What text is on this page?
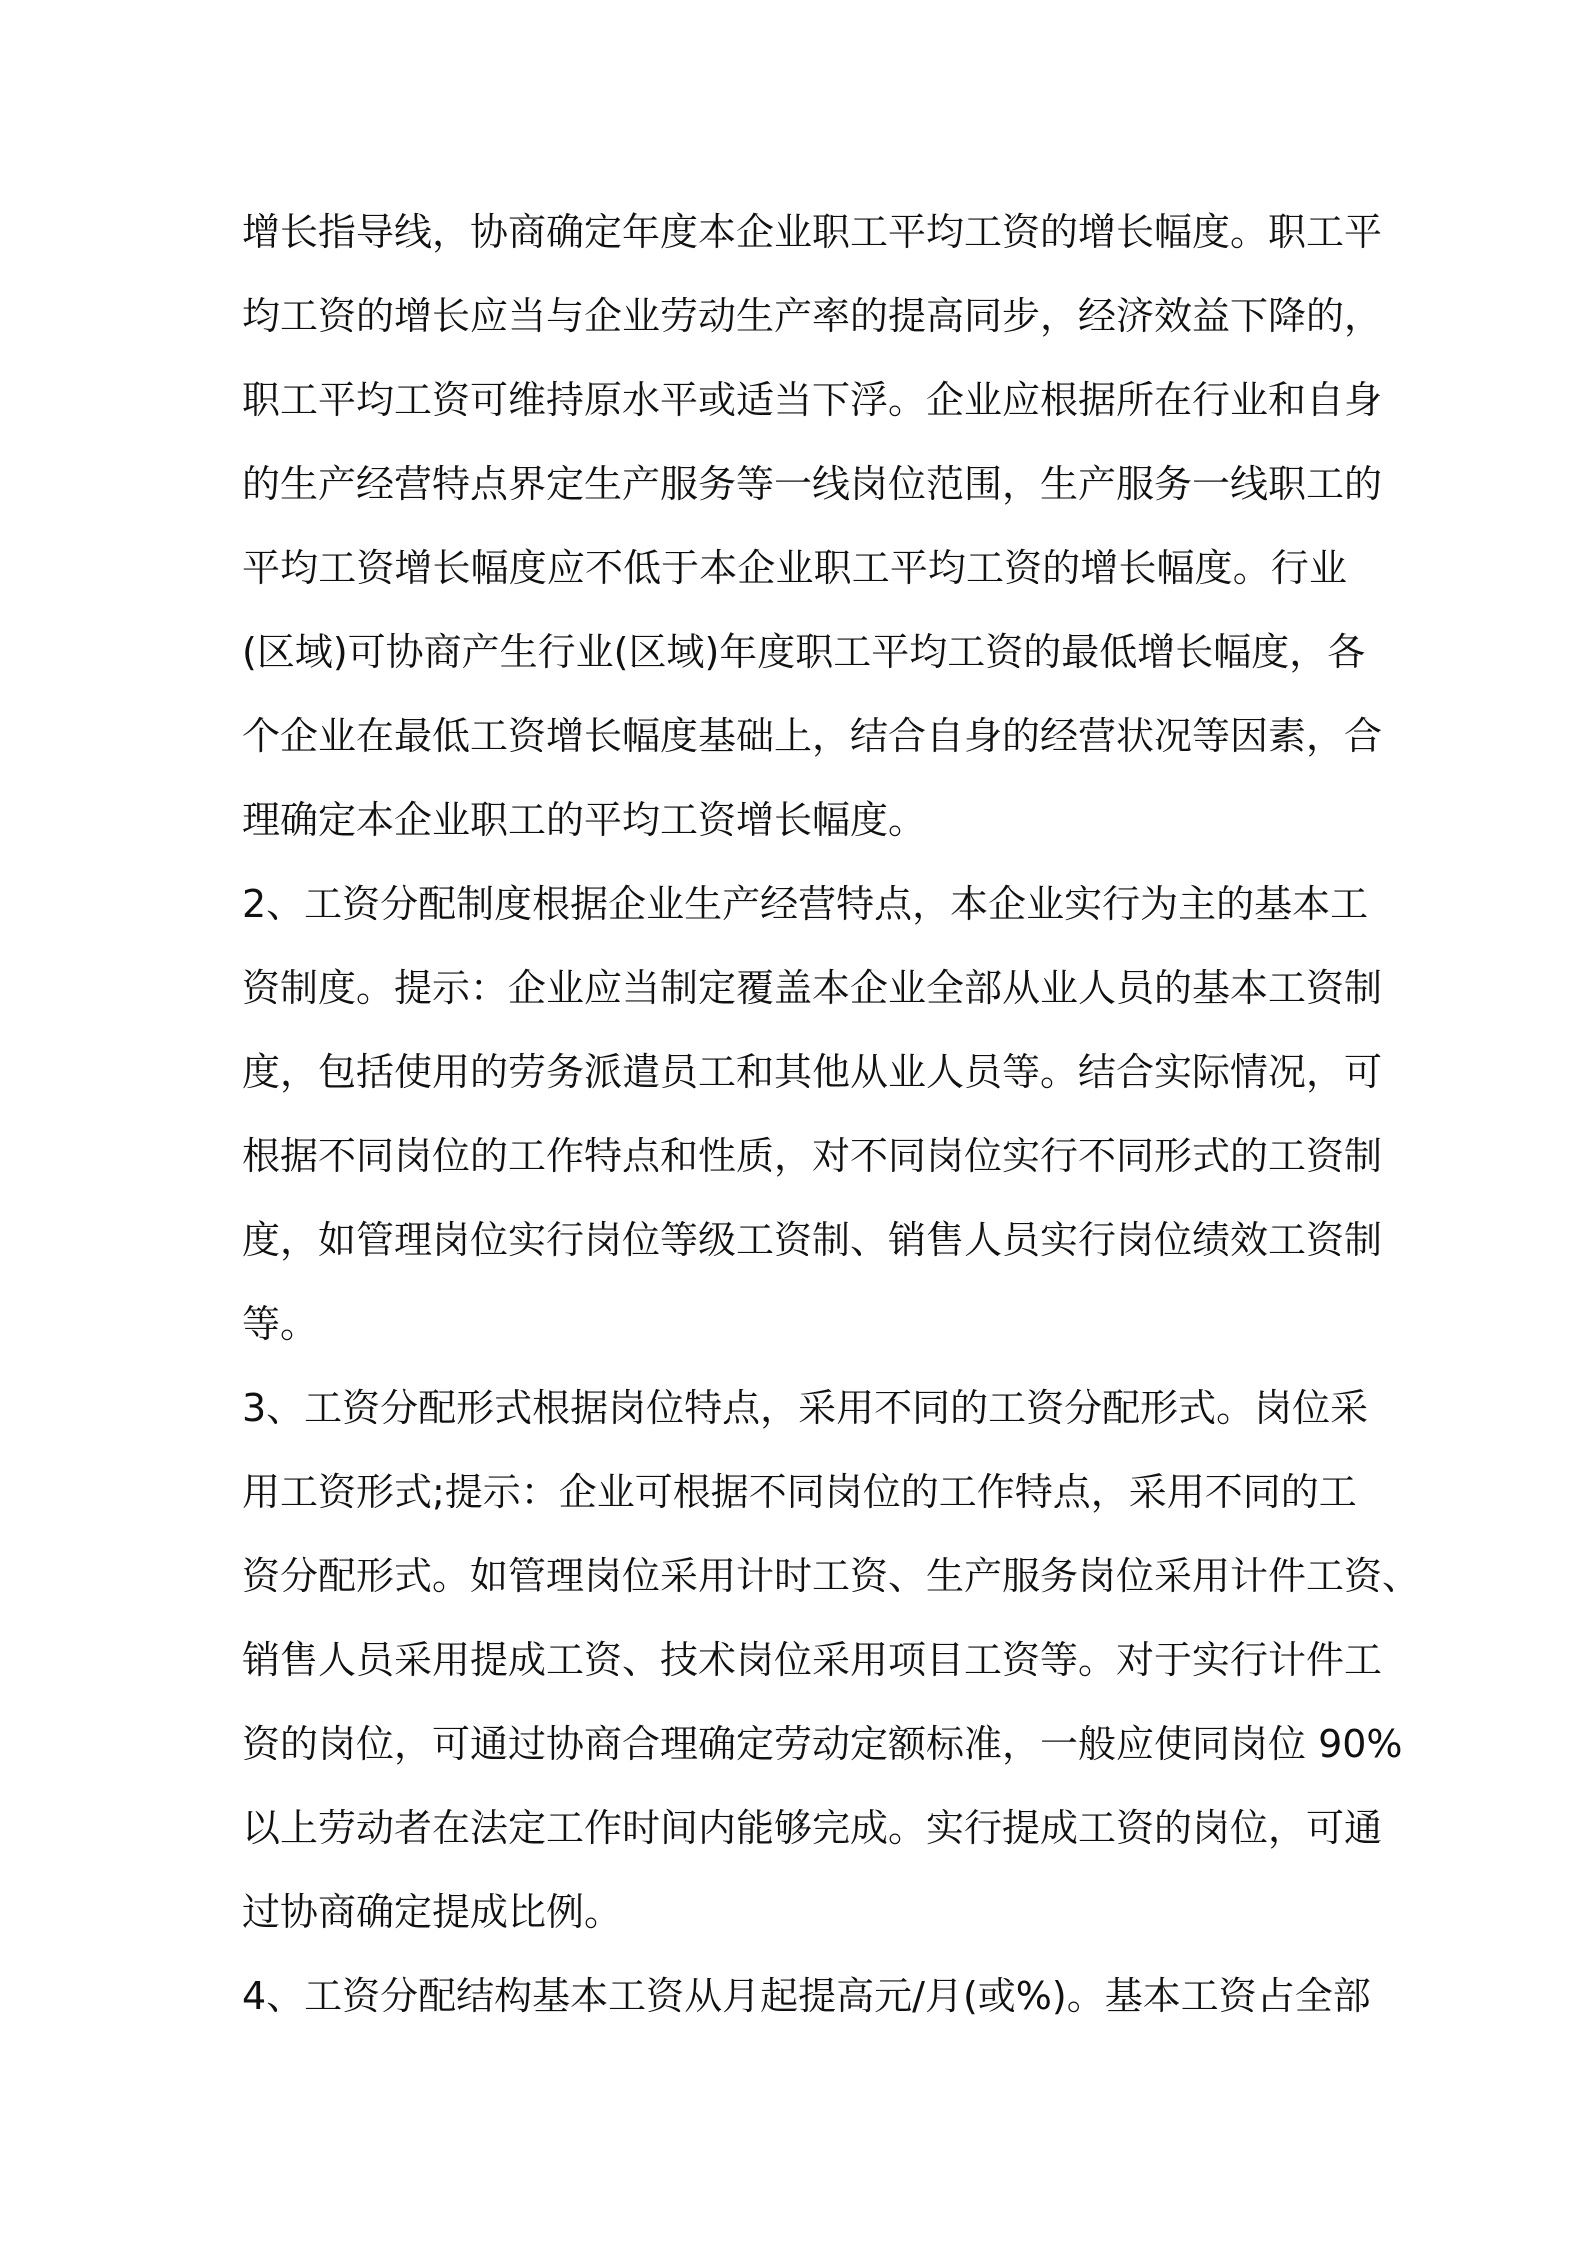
增长指导线，协商确定年度本企业职工平均工资的增长幅度。职工平
均工资的增长应当与企业劳动生产率的提高同步，经济效益下降的，
职工平均工资可维持原水平或适当下浮。企业应根据所在行业和自身
的生产经营特点界定生产服务等一线岗位范围，生产服务一线职工的
平均工资增长幅度应不低于本企业职工平均工资的增长幅度。行业
(区域)可协商产生行业(区域)年度职工平均工资的最低增长幅度，各
个企业在最低工资增长幅度基础上，结合自身的经营状况等因素，合
理确定本企业职工的平均工资增长幅度。
2、工资分配制度根据企业生产经营特点，本企业实行为主的基本工
资制度。提示：企业应当制定覆盖本企业全部从业人员的基本工资制
度，包括使用的劳务派遣员工和其他从业人员等。结合实际情况，可
根据不同岗位的工作特点和性质，对不同岗位实行不同形式的工资制
度，如管理岗位实行岗位等级工资制、销售人员实行岗位绩效工资制
等。
3、工资分配形式根据岗位特点，采用不同的工资分配形式。岗位采
用工资形式;提示：企业可根据不同岗位的工作特点，采用不同的工
资分配形式。如管理岗位采用计时工资、生产服务岗位采用计件工资、
销售人员采用提成工资、技术岗位采用项目工资等。对于实行计件工
资的岗位，可通过协商合理确定劳动定额标准，一般应使同岗位 90%
以上劳动者在法定工作时间内能够完成。实行提成工资的岗位，可通
过协商确定提成比例。
4、工资分配结构基本工资从月起提高元/月(或%)。基本工资占全部
